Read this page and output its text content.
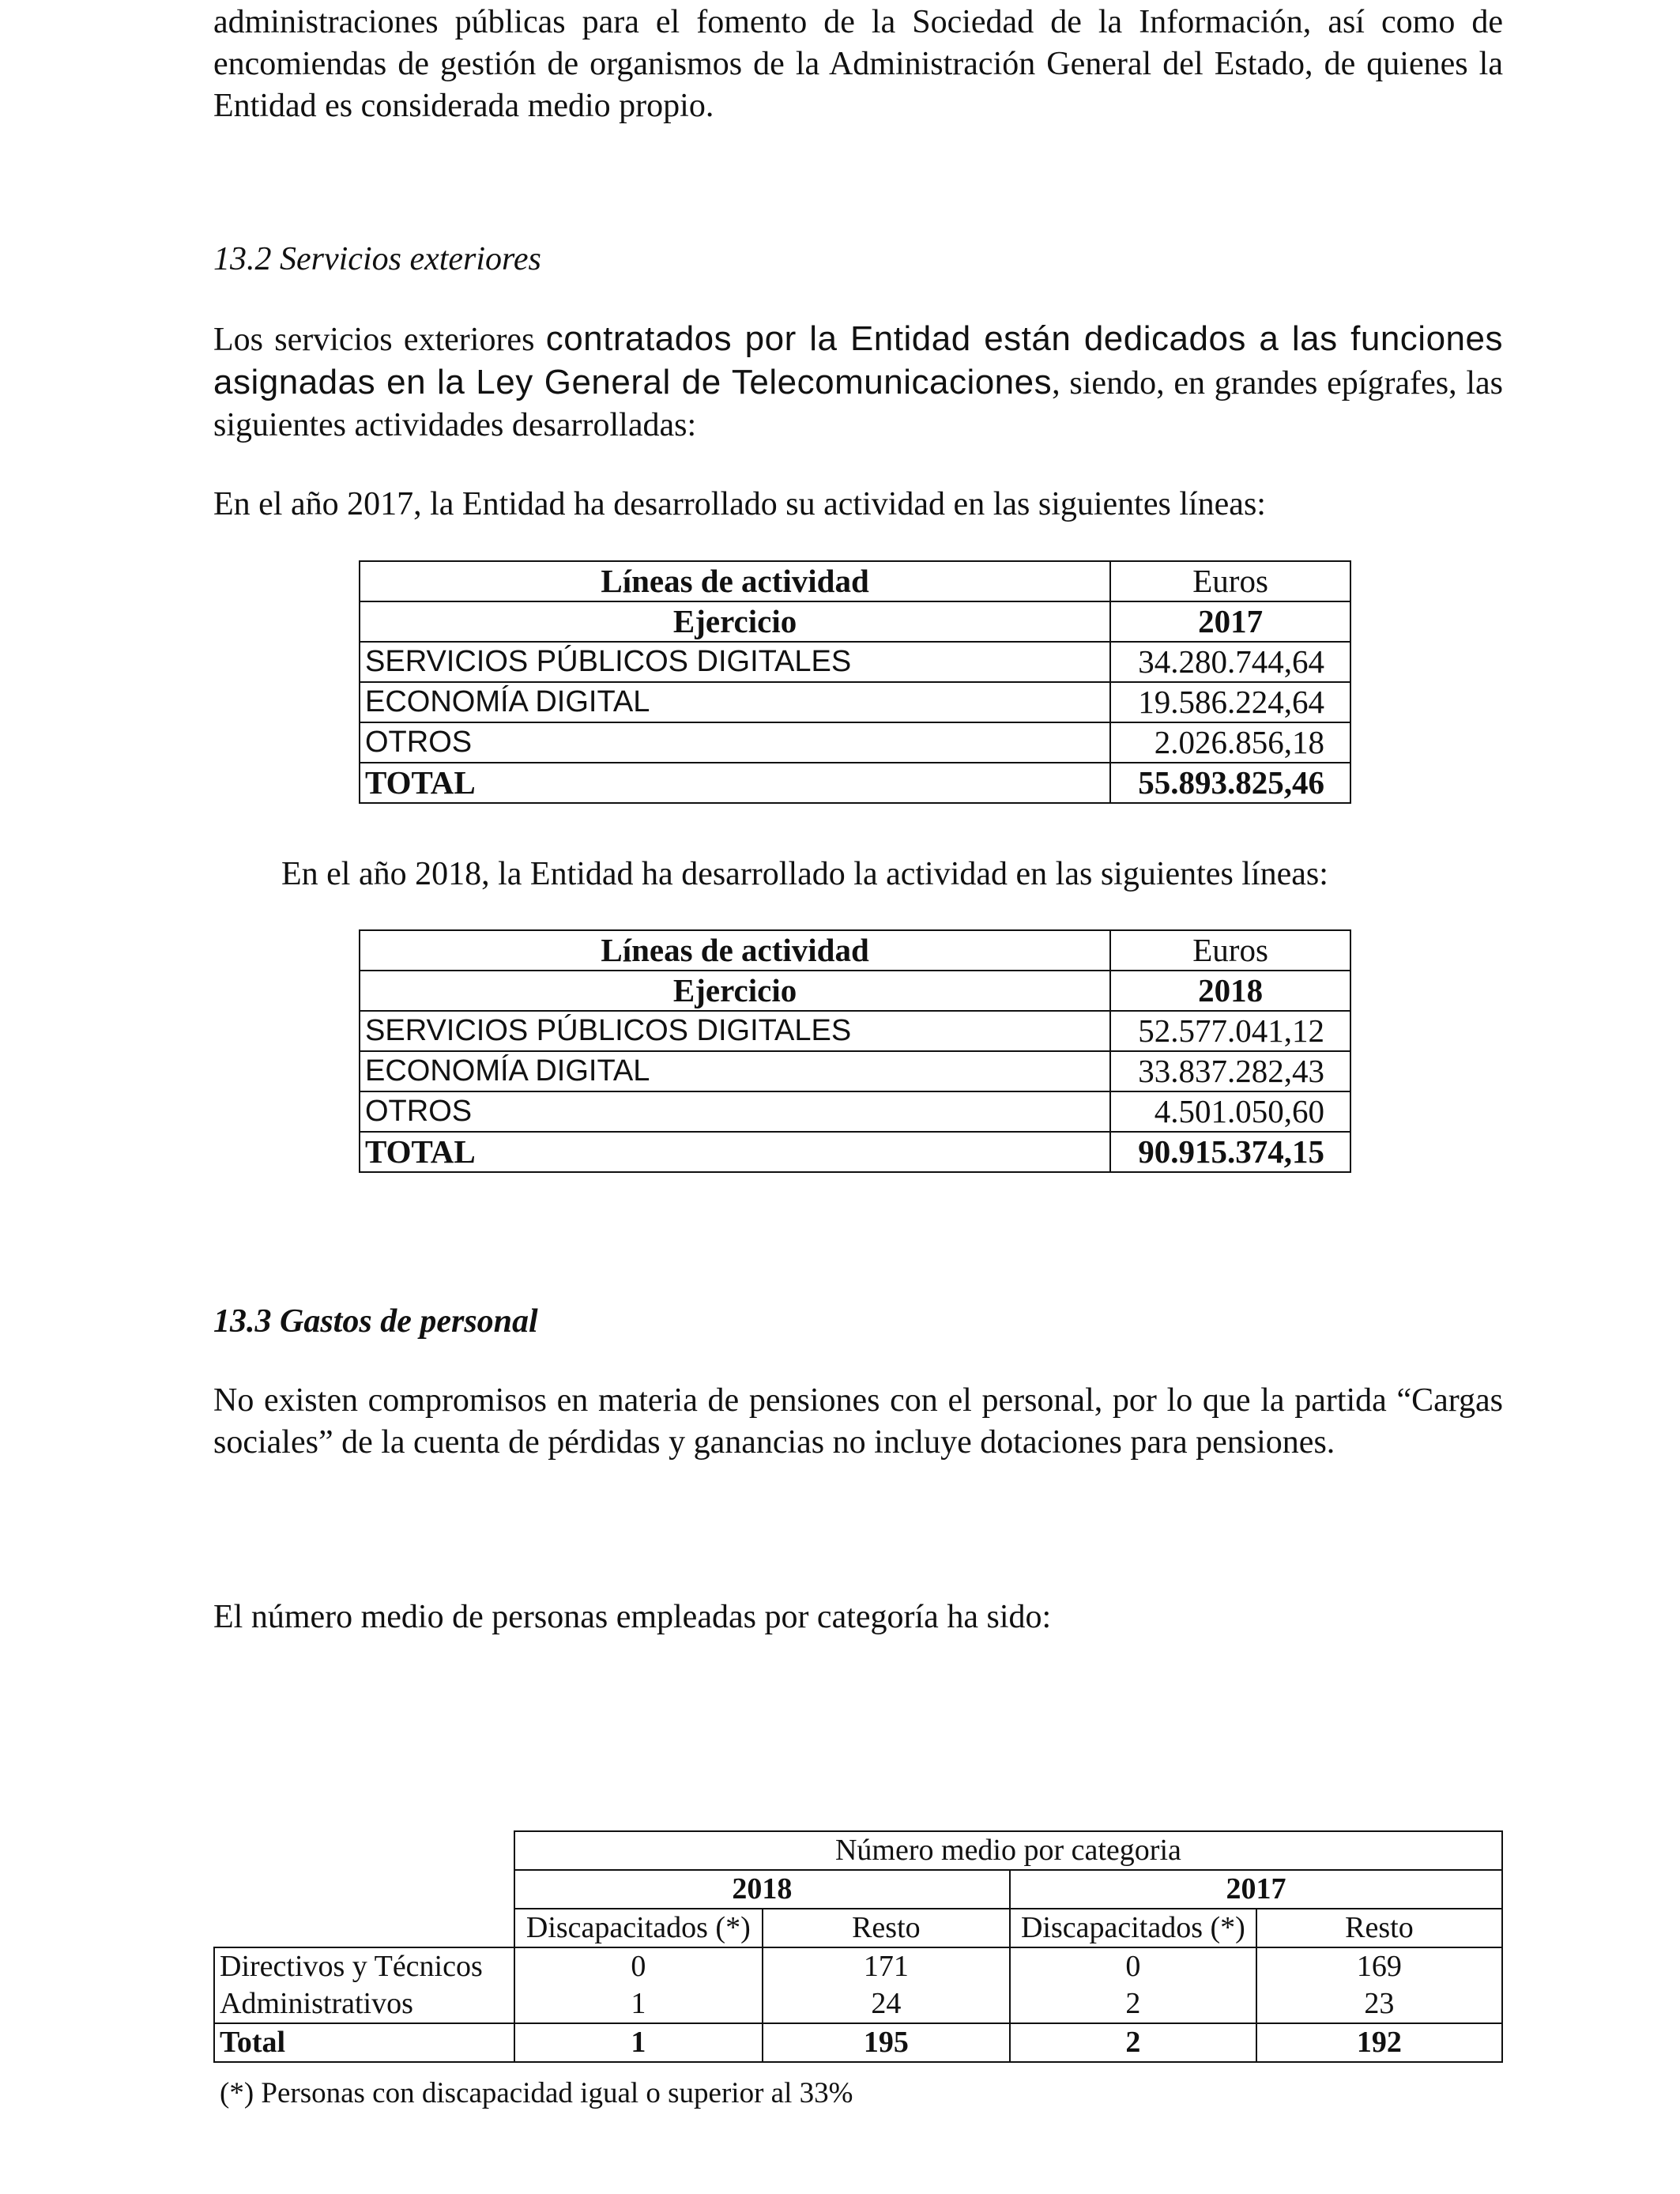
administraciones públicas para el fomento de la Sociedad de la Información, así como de encomiendas de gestión de organismos de la Administración General del Estado, de quienes la Entidad es considerada medio propio.

13.2 Servicios exteriores

Los servicios exteriores contratados por la Entidad están dedicados a las funciones asignadas en la Ley General de Telecomunicaciones, siendo, en grandes epígrafes, las siguientes actividades desarrolladas:

En el año 2017, la Entidad ha desarrollado su actividad en las siguientes líneas:

Líneas de actividad	Euros
Ejercicio	2017
SERVICIOS PÚBLICOS DIGITALES	34.280.744,64
ECONOMÍA DIGITAL	19.586.224,64
OTROS	2.026.856,18
TOTAL	55.893.825,46

En el año 2018, la Entidad ha desarrollado la actividad en las siguientes líneas:

Líneas de actividad	Euros
Ejercicio	2018
SERVICIOS PÚBLICOS DIGITALES	52.577.041,12
ECONOMÍA DIGITAL	33.837.282,43
OTROS	4.501.050,60
TOTAL	90.915.374,15

13.3 Gastos de personal

No existen compromisos en materia de pensiones con el personal, por lo que la partida “Cargas sociales” de la cuenta de pérdidas y ganancias no incluye dotaciones para pensiones.

El número medio de personas empleadas por categoría ha sido:

	Número medio por categoria			
	2018		2017	
	Discapacitados (*)	Resto	Discapacitados (*)	Resto
Directivos y Técnicos	0	171	0	169
Administrativos	1	24	2	23
Total	1	195	2	192

(*) Personas con discapacidad igual o superior al 33%
